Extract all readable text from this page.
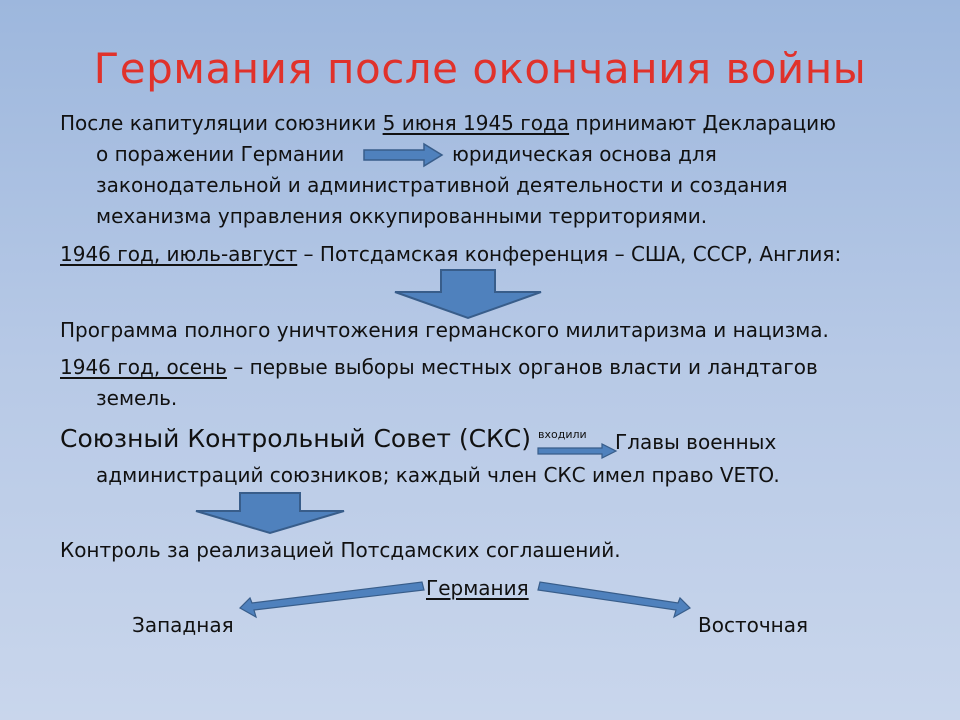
Германия после окончания войны
После капитуляции союзники 5 июня 1945 года принимают Декларацию
о поражении Германии	юридическая основа для
законодательной и административной деятельности и создания
механизма управления оккупированными территориями.
1946 год, июль-август – Потсдамская конференция – США, СССР, Англия:
Программа полного уничтожения германского милитаризма и нацизма.
1946 год, осень – первые выборы местных органов власти и ландтагов
земель.
Союзный Контрольный Совет (СКС) входили Главы военных
администраций союзников; каждый член СКС имел право VETO.
Контроль за реализацией Потсдамских соглашений.
Германия
Западная	Восточная
